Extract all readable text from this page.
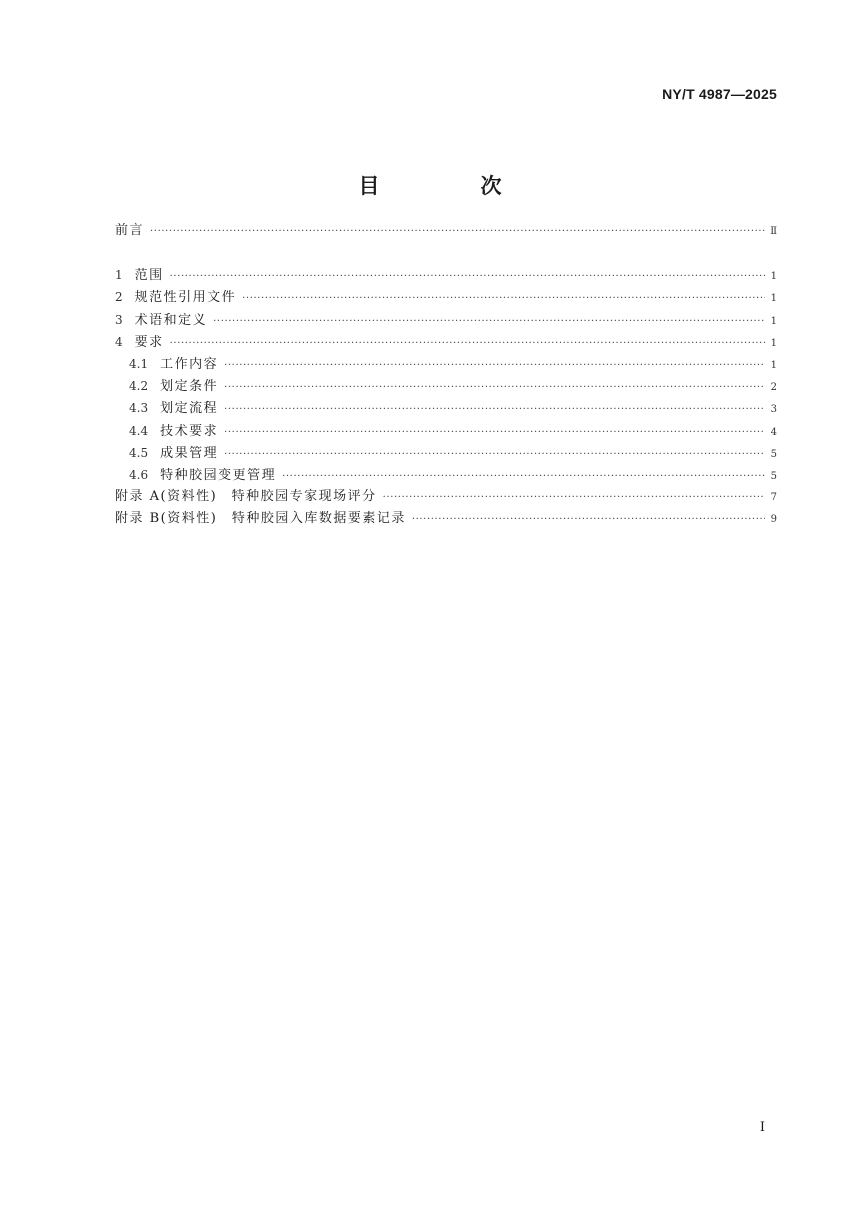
NY/T 4987—2025
目　次
前言 ·····	Ⅱ
1 范围 ·····	1
2 规范性引用文件 ·····	1
3 术语和定义 ·····	1
4 要求 ·····	1
4.1 工作内容 ·····	1
4.2 划定条件 ·····	2
4.3 划定流程 ·····	3
4.4 技术要求 ·····	4
4.5 成果管理 ·····	5
4.6 特种胶园变更管理 ·····	5
附录 A(资料性)　特种胶园专家现场评分 ·····	7
附录 B(资料性)　特种胶园入库数据要素记录 ·····	9
Ⅰ
